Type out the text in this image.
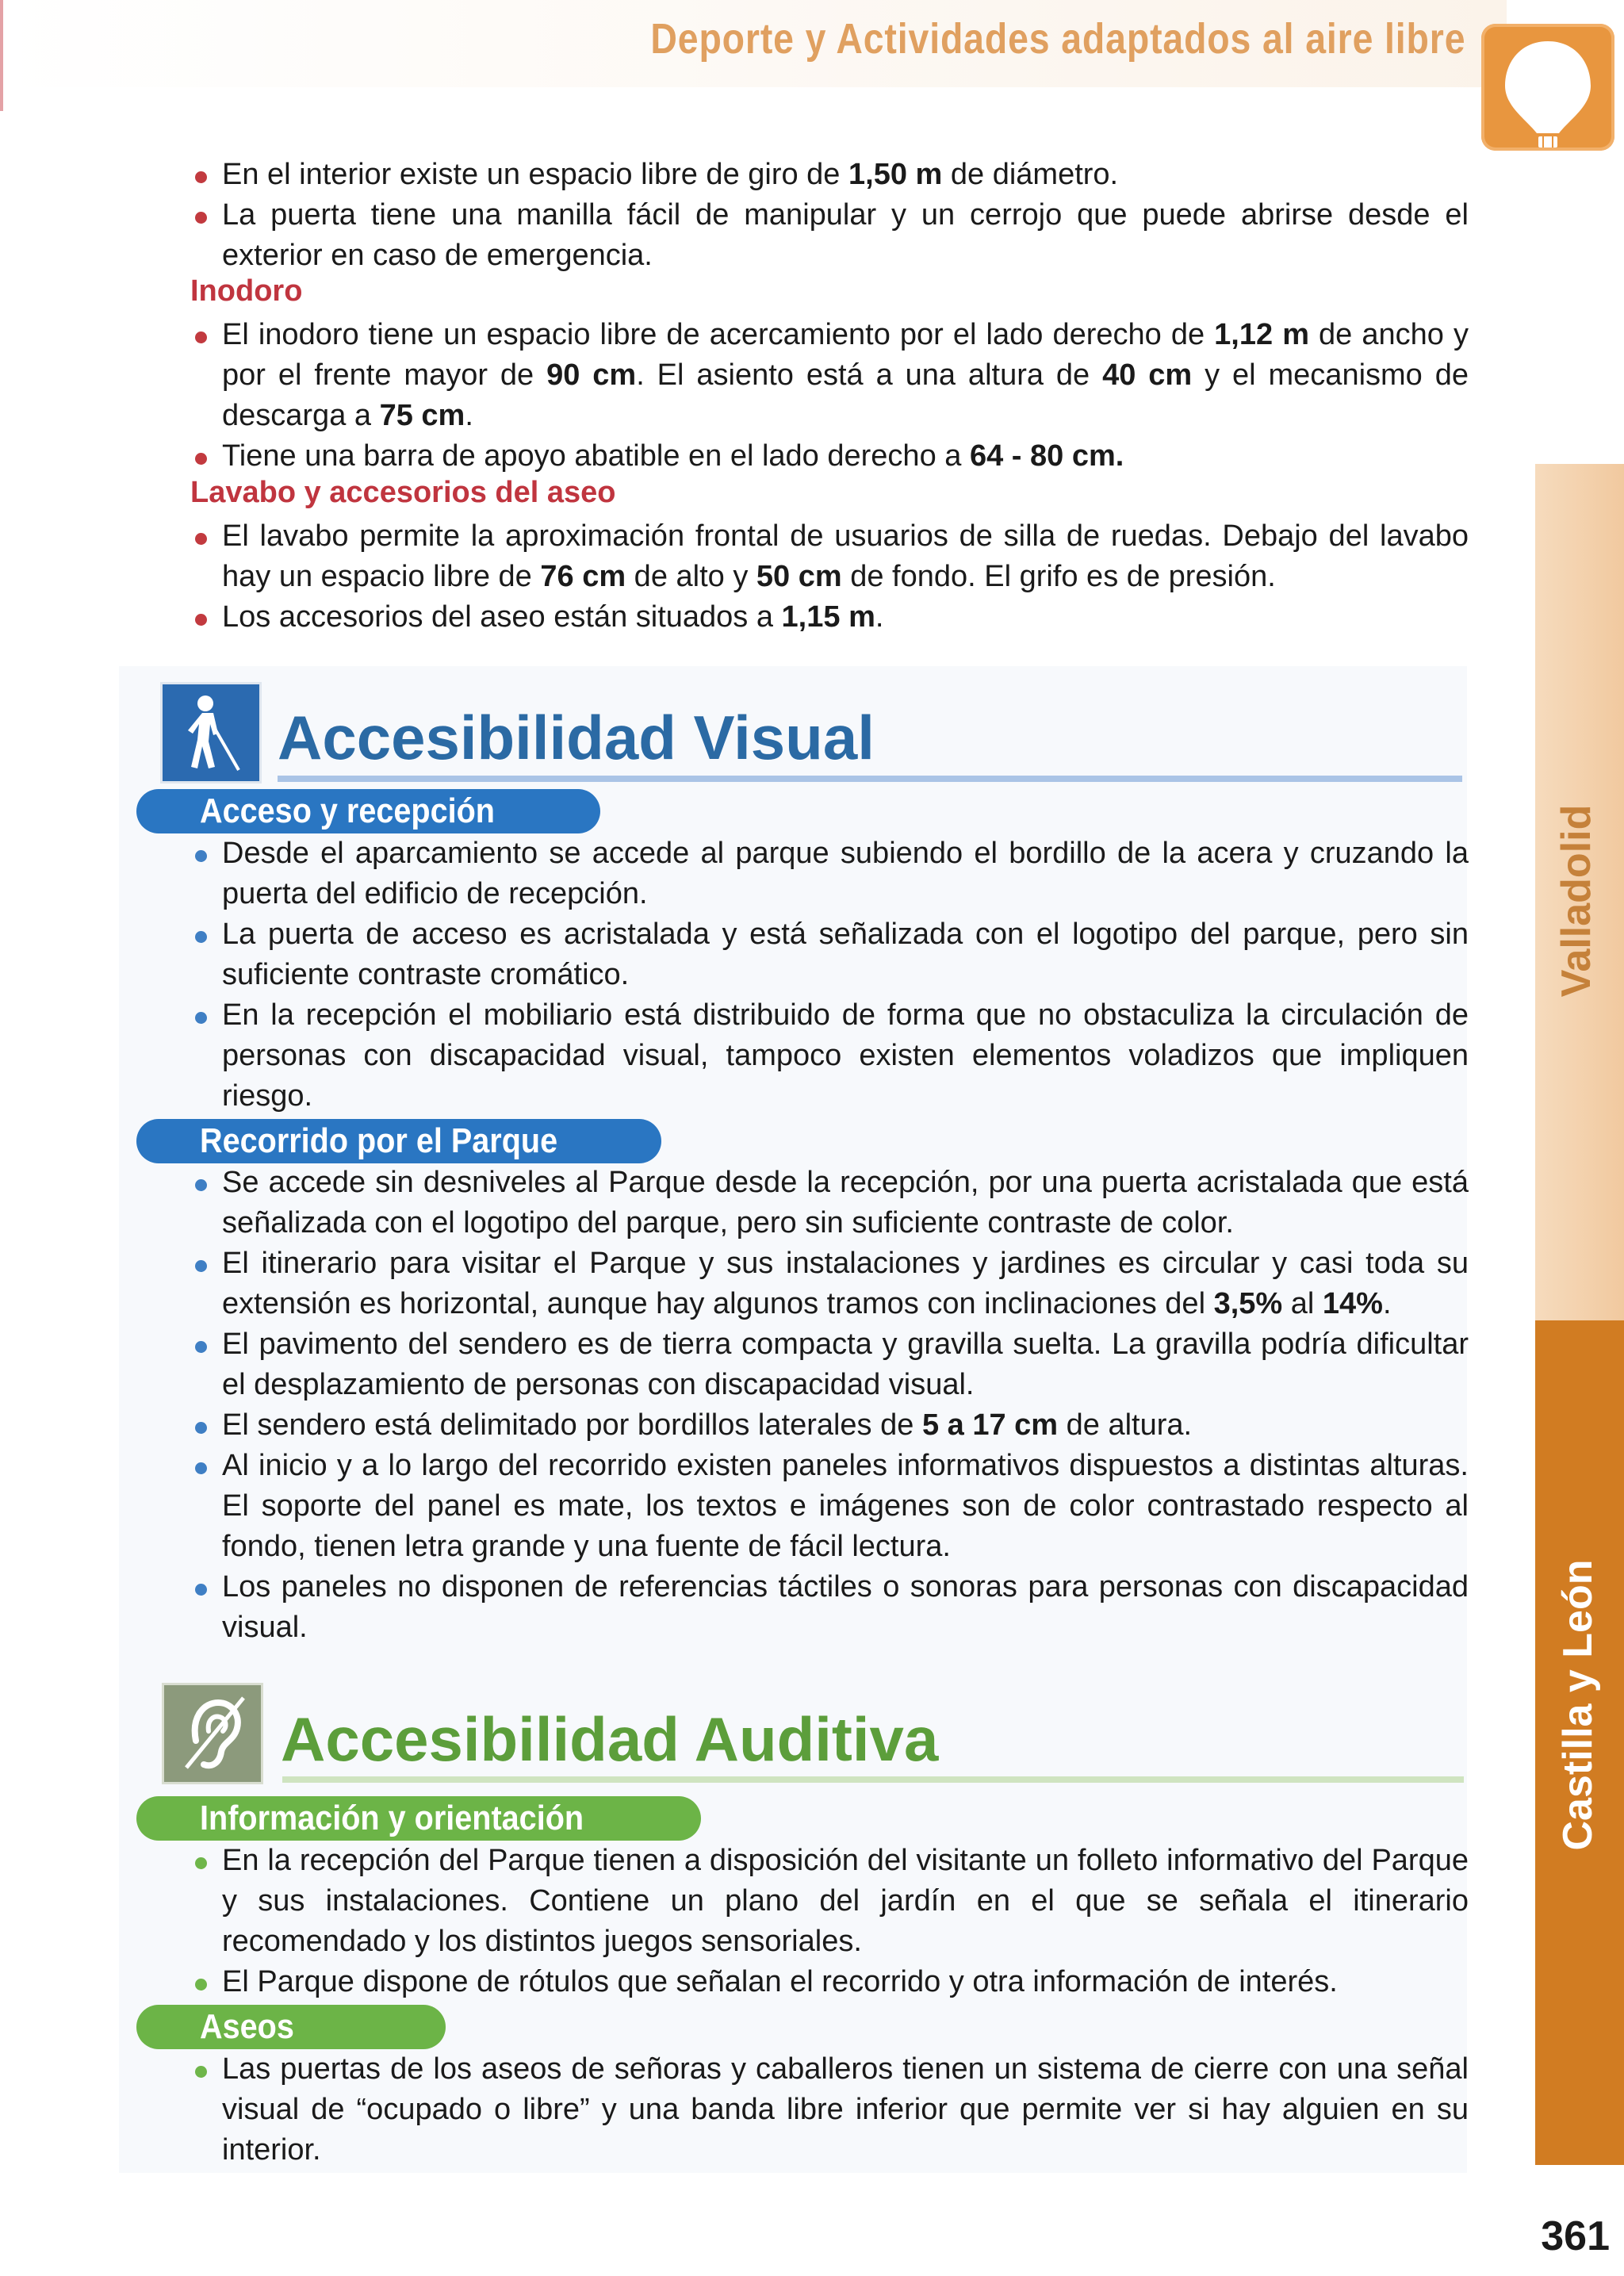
Deporte y Actividades adaptados al aire libre
Valladolid
Castilla y León
361
En el interior existe un espacio libre de giro de 1,50 m de diámetro.
La puerta tiene una manilla fácil de manipular y un cerrojo que puede abrirse desde el exterior en caso de emergencia.
Inodoro
El inodoro tiene un espacio libre de acercamiento por el lado derecho de 1,12 m de ancho y por el frente mayor de 90 cm. El asiento está a una altura de 40 cm y el mecanismo de descarga a 75 cm.
Tiene una barra de apoyo abatible en el lado derecho a 64 - 80 cm.
Lavabo y accesorios del aseo
El lavabo permite la aproximación frontal de usuarios de silla de ruedas. Debajo del lavabo hay un espacio libre de 76 cm de alto y 50 cm de fondo. El grifo es de presión.
Los accesorios del aseo están situados a 1,15 m.
Accesibilidad Visual
Acceso y recepción
Desde el aparcamiento se accede al parque subiendo el bordillo de la acera y cruzando la puerta del edificio de recepción.
La puerta de acceso es acristalada y está señalizada con el logotipo del parque, pero sin suficiente contraste cromático.
En la recepción el mobiliario está distribuido de forma que no obstaculiza la circulación de personas con discapacidad visual, tampoco existen elementos voladizos que impliquen riesgo.
Recorrido por el Parque
Se accede sin desniveles al Parque desde la recepción, por una puerta acristalada que está señalizada con el logotipo del parque, pero sin suficiente contraste de color.
El itinerario para visitar el Parque y sus instalaciones y jardines es circular y casi toda su extensión es horizontal, aunque hay algunos tramos con inclinaciones del 3,5% al 14%.
El pavimento del sendero es de tierra compacta y gravilla suelta. La gravilla podría dificultar el desplazamiento de personas con discapacidad visual.
El sendero está delimitado por bordillos laterales de 5 a 17 cm de altura.
Al inicio y a lo largo del recorrido existen paneles informativos dispuestos a distintas alturas. El soporte del panel es mate, los textos e imágenes son de color contrastado respecto al fondo, tienen letra grande y una fuente de fácil lectura.
Los paneles no disponen de referencias táctiles o sonoras para personas con discapacidad visual.
Accesibilidad Auditiva
Información y orientación
En la recepción del Parque tienen a disposición del visitante un folleto informativo del Parque y sus instalaciones. Contiene un plano del jardín en el que se señala el itinerario recomendado y los distintos juegos sensoriales.
El Parque dispone de rótulos que señalan el recorrido y otra información de interés.
Aseos
Las puertas de los aseos de señoras y caballeros tienen un sistema de cierre con una señal visual de “ocupado o libre” y una banda libre inferior que permite ver si hay alguien en su interior.
